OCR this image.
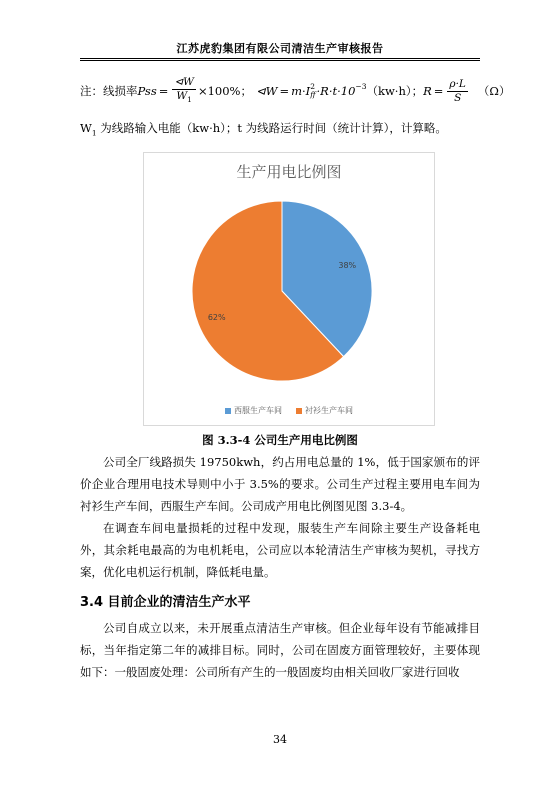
江苏虎豹集团有限公司清洁生产审核报告
注：线损率 Pss = $\frac{⊲W}{W_1} \times 100\%$； ⊲W = m · I 2
ff $\cdot R\cdot t\cdot 10^{-3}$ （kw·h）； $R = \frac{\rho\cdot L}{S} (\Omega)$
$W_1$ 为线路输入电能（kw·h）；t 为线路运行时间（统计计算），计算略。
生产用电比例图
38%
62%
西服生产车间	衬衫生产车间
图 3.3-4 公司生产用电比例图
公司全厂线路损失 19750kwh，约占用电总量的 1%，低于国家颁布的评价企业合理用电技术导则中小于 3.5%的要求。公司生产过程主要用电车间为衬衫生产车间，西服生产车间。公司成产用电比例图见图 3.3-4。
在调查车间电量损耗的过程中发现，服装生产车间除主要生产设备耗电外，其余耗电最高的为电机耗电，公司应以本轮清洁生产审核为契机，寻找方案，优化电机运行机制，降低耗电量。
3.4 目前企业的清洁生产水平
公司自成立以来，未开展重点清洁生产审核。但企业每年设有节能减排目标，当年指定第二年的减排目标。同时，公司在固废方面管理较好，主要体现如下：一般固废处理：公司所有产生的一般固废均由相关回收厂家进行回收
34
